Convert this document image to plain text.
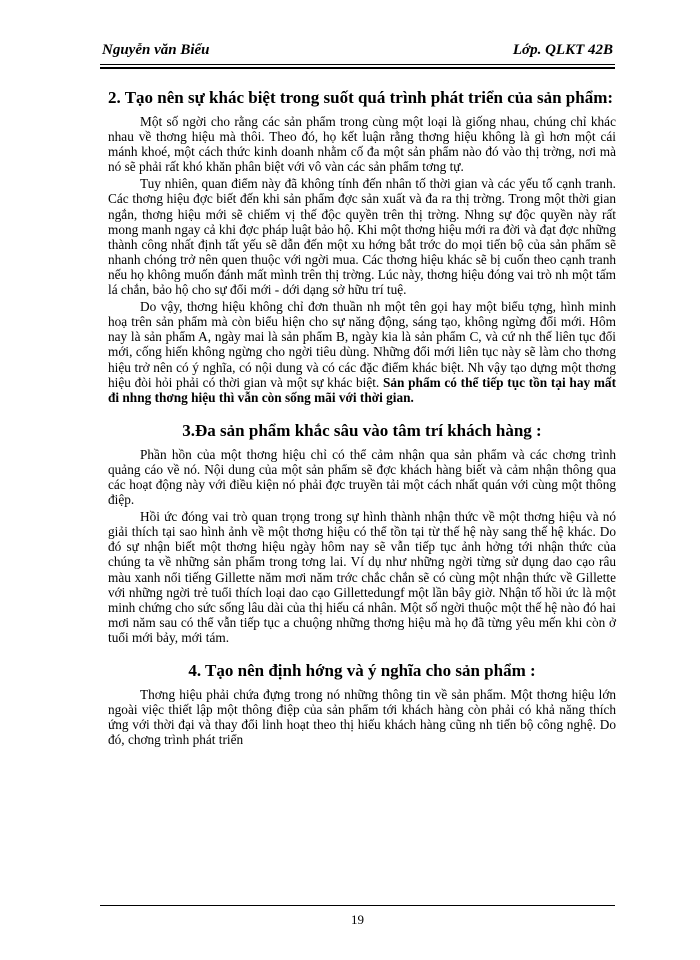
Nguyễn văn Biểu	Lớp. QLKT 42B
2. Tạo nên sự khác biệt trong suốt quá trình phát triển của sản phẩm:

Một số ngời cho rằng các sản phẩm trong cùng một loại là giống nhau, chúng chỉ khác nhau về thơng hiệu mà thôi. Theo đó, họ kết luận rằng thơng hiệu không là gì hơn một cái mánh khoé, một cách thức kinh doanh nhằm cố đa một sản phẩm nào đó vào thị trờng, nơi mà nó sẽ phải rất khó khăn phân biệt với vô vàn các sản phẩm tơng tự.

Tuy nhiên, quan điểm này đã không tính đến nhân tố thời gian và các yếu tố cạnh tranh. Các thơng hiệu đợc biết đến khi sản phẩm đợc sản xuất và đa ra thị trờng. Trong một thời gian ngắn, thơng hiệu mới sẽ chiếm vị thế độc quyền trên thị trờng. Nhng sự độc quyền này rất mong manh ngay cả khi đợc pháp luật bảo hộ. Khi một thơng hiệu mới ra đời và đạt đợc những thành công nhất định tất yếu sẽ dẫn đến một xu hớng bắt trớc do mọi tiến bộ của sản phẩm sẽ nhanh chóng trở nên quen thuộc với ngời mua. Các thơng hiệu khác sẽ bị cuốn theo cạnh tranh nếu họ không muốn đánh mất mình trên thị trờng. Lúc này, thơng hiệu đóng vai trò nh một tấm lá chắn, bảo hộ cho sự đổi mới - dới dạng sở hữu trí tuệ.

Do vậy, thơng hiệu không chỉ đơn thuần nh một tên gọi hay một biểu tợng, hình minh hoạ trên sản phẩm mà còn biểu hiện cho sự năng động, sáng tạo, không ngừng đổi mới. Hôm nay là sản phẩm A, ngày mai là sản phẩm B, ngày kia là sản phẩm C, và cứ nh thế liên tục đổi mới, cống hiến không ngừng cho ngời tiêu dùng. Những đổi mới liên tục này sẽ làm cho thơng hiệu trở nên có ý nghĩa, có nội dung và có các đặc điểm khác biệt. Nh vậy tạo dựng một thơng hiệu đòi hỏi phải có thời gian và một sự khác biệt. Sản phẩm có thể tiếp tục tồn tại hay mất đi nhng thơng hiệu thì vẫn còn sống mãi với thời gian.

3.Đa sản phẩm khắc sâu vào tâm trí khách hàng :

Phần hồn của một thơng hiệu chỉ có thể cảm nhận qua sản phẩm và các chơng trình quảng cáo về nó. Nội dung của một sản phẩm sẽ đợc khách hàng biết và cảm nhận thông qua các hoạt động này với điều kiện nó phải đợc truyền tải một cách nhất quán với cùng một thông điệp.

Hồi ức đóng vai trò quan trọng trong sự hình thành nhận thức về một thơng hiệu và nó giải thích tại sao hình ảnh về một thơng hiệu có thể tồn tại từ thế hệ này sang thế hệ khác. Do đó sự nhận biết một thơng hiệu ngày hôm nay sẽ vẫn tiếp tục ảnh hởng tới nhận thức của chúng ta về những sản phẩm trong tơng lai. Ví dụ như những ngời từng sử dụng dao cạo râu màu xanh nổi tiếng Gillette năm mơi năm trớc chắc chắn sẽ có cùng một nhận thức về Gillette với những ngời trẻ tuổi thích loại dao cạo Gillettedungf một lần bây giờ. Nhận tố hồi ức là một minh chứng cho sức sống lâu dài của thị hiếu cá nhân. Một số ngời thuộc một thế hệ nào đó hai mơi năm sau có thể vẫn tiếp tục a chuộng những thơng hiệu mà họ đã từng yêu mến khi còn ở tuổi mới bảy, mới tám.

4. Tạo nên định hớng và ý nghĩa cho sản phẩm :

Thơng hiệu phải chứa đựng trong nó những thông tin về sản phẩm. Một thơng hiệu lớn ngoài việc thiết lập một thông điệp của sản phẩm tới khách hàng còn phải có khả năng thích ứng với thời đại và thay đổi linh hoạt theo thị hiếu khách hàng cũng nh tiến bộ công nghệ. Do đó, chơng trình phát triển

19
